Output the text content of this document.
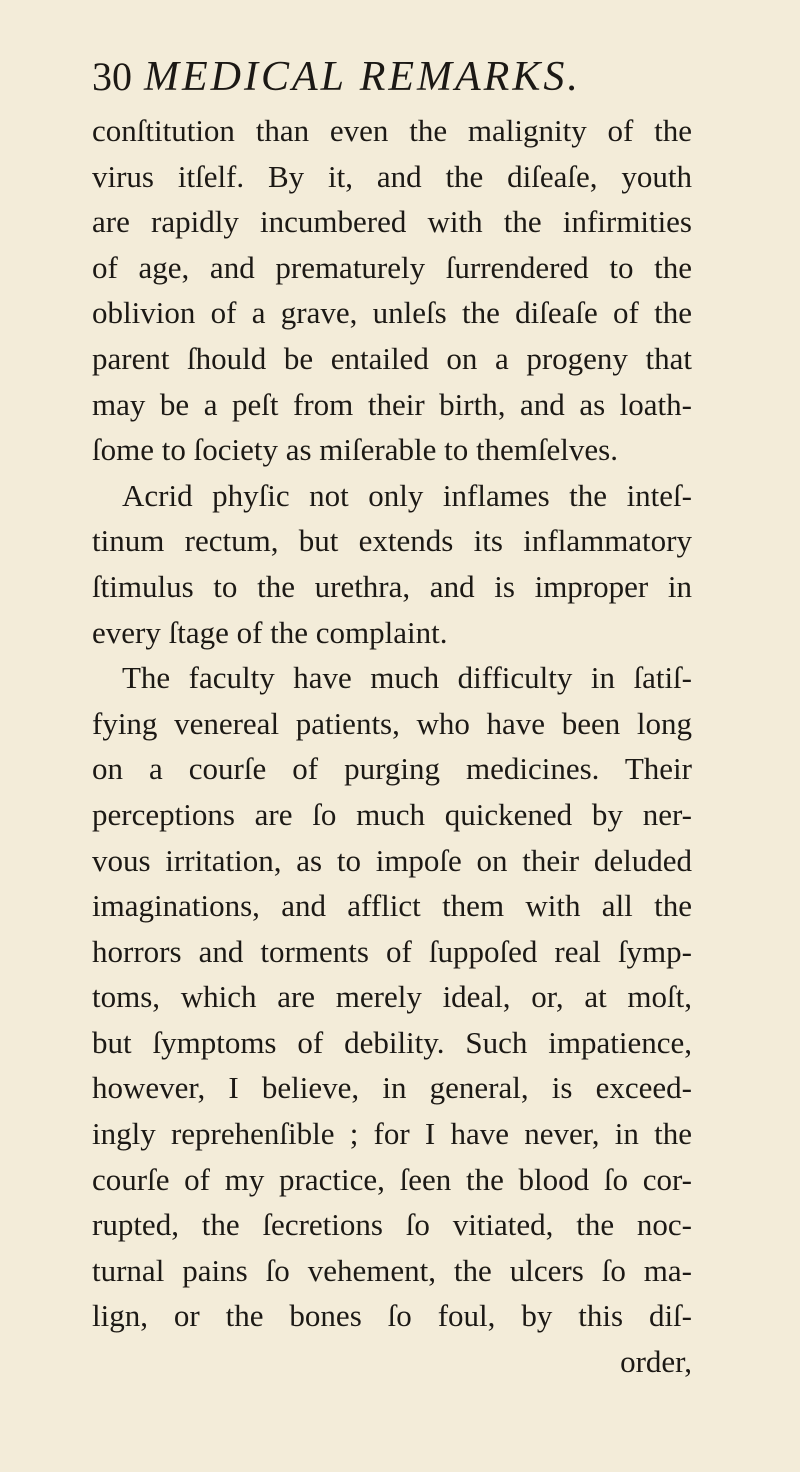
30 MEDICAL REMARKS.
conſtitution than even the malignity of the
virus itſelf. By it, and the diſeaſe, youth
are rapidly incumbered with the infirmities
of age, and prematurely ſurrendered to the
oblivion of a grave, unleſs the diſeaſe of the
parent ſhould be entailed on a progeny that
may be a peſt from their birth, and as loath-
ſome to ſociety as miſerable to themſelves.
Acrid phyſic not only inflames the inteſ-
tinum rectum, but extends its inflammatory
ſtimulus to the urethra, and is improper in
every ſtage of the complaint.
The faculty have much difficulty in ſatiſ-
fying venereal patients, who have been long
on a courſe of purging medicines. Their
perceptions are ſo much quickened by ner-
vous irritation, as to impoſe on their deluded
imaginations, and afflict them with all the
horrors and torments of ſuppoſed real ſymp-
toms, which are merely ideal, or, at moſt,
but ſymptoms of debility. Such impatience,
however, I believe, in general, is exceed-
ingly reprehenſible ; for I have never, in the
courſe of my practice, ſeen the blood ſo cor-
rupted, the ſecretions ſo vitiated, the noc-
turnal pains ſo vehement, the ulcers ſo ma-
lign, or the bones ſo foul, by this diſ-
order,
